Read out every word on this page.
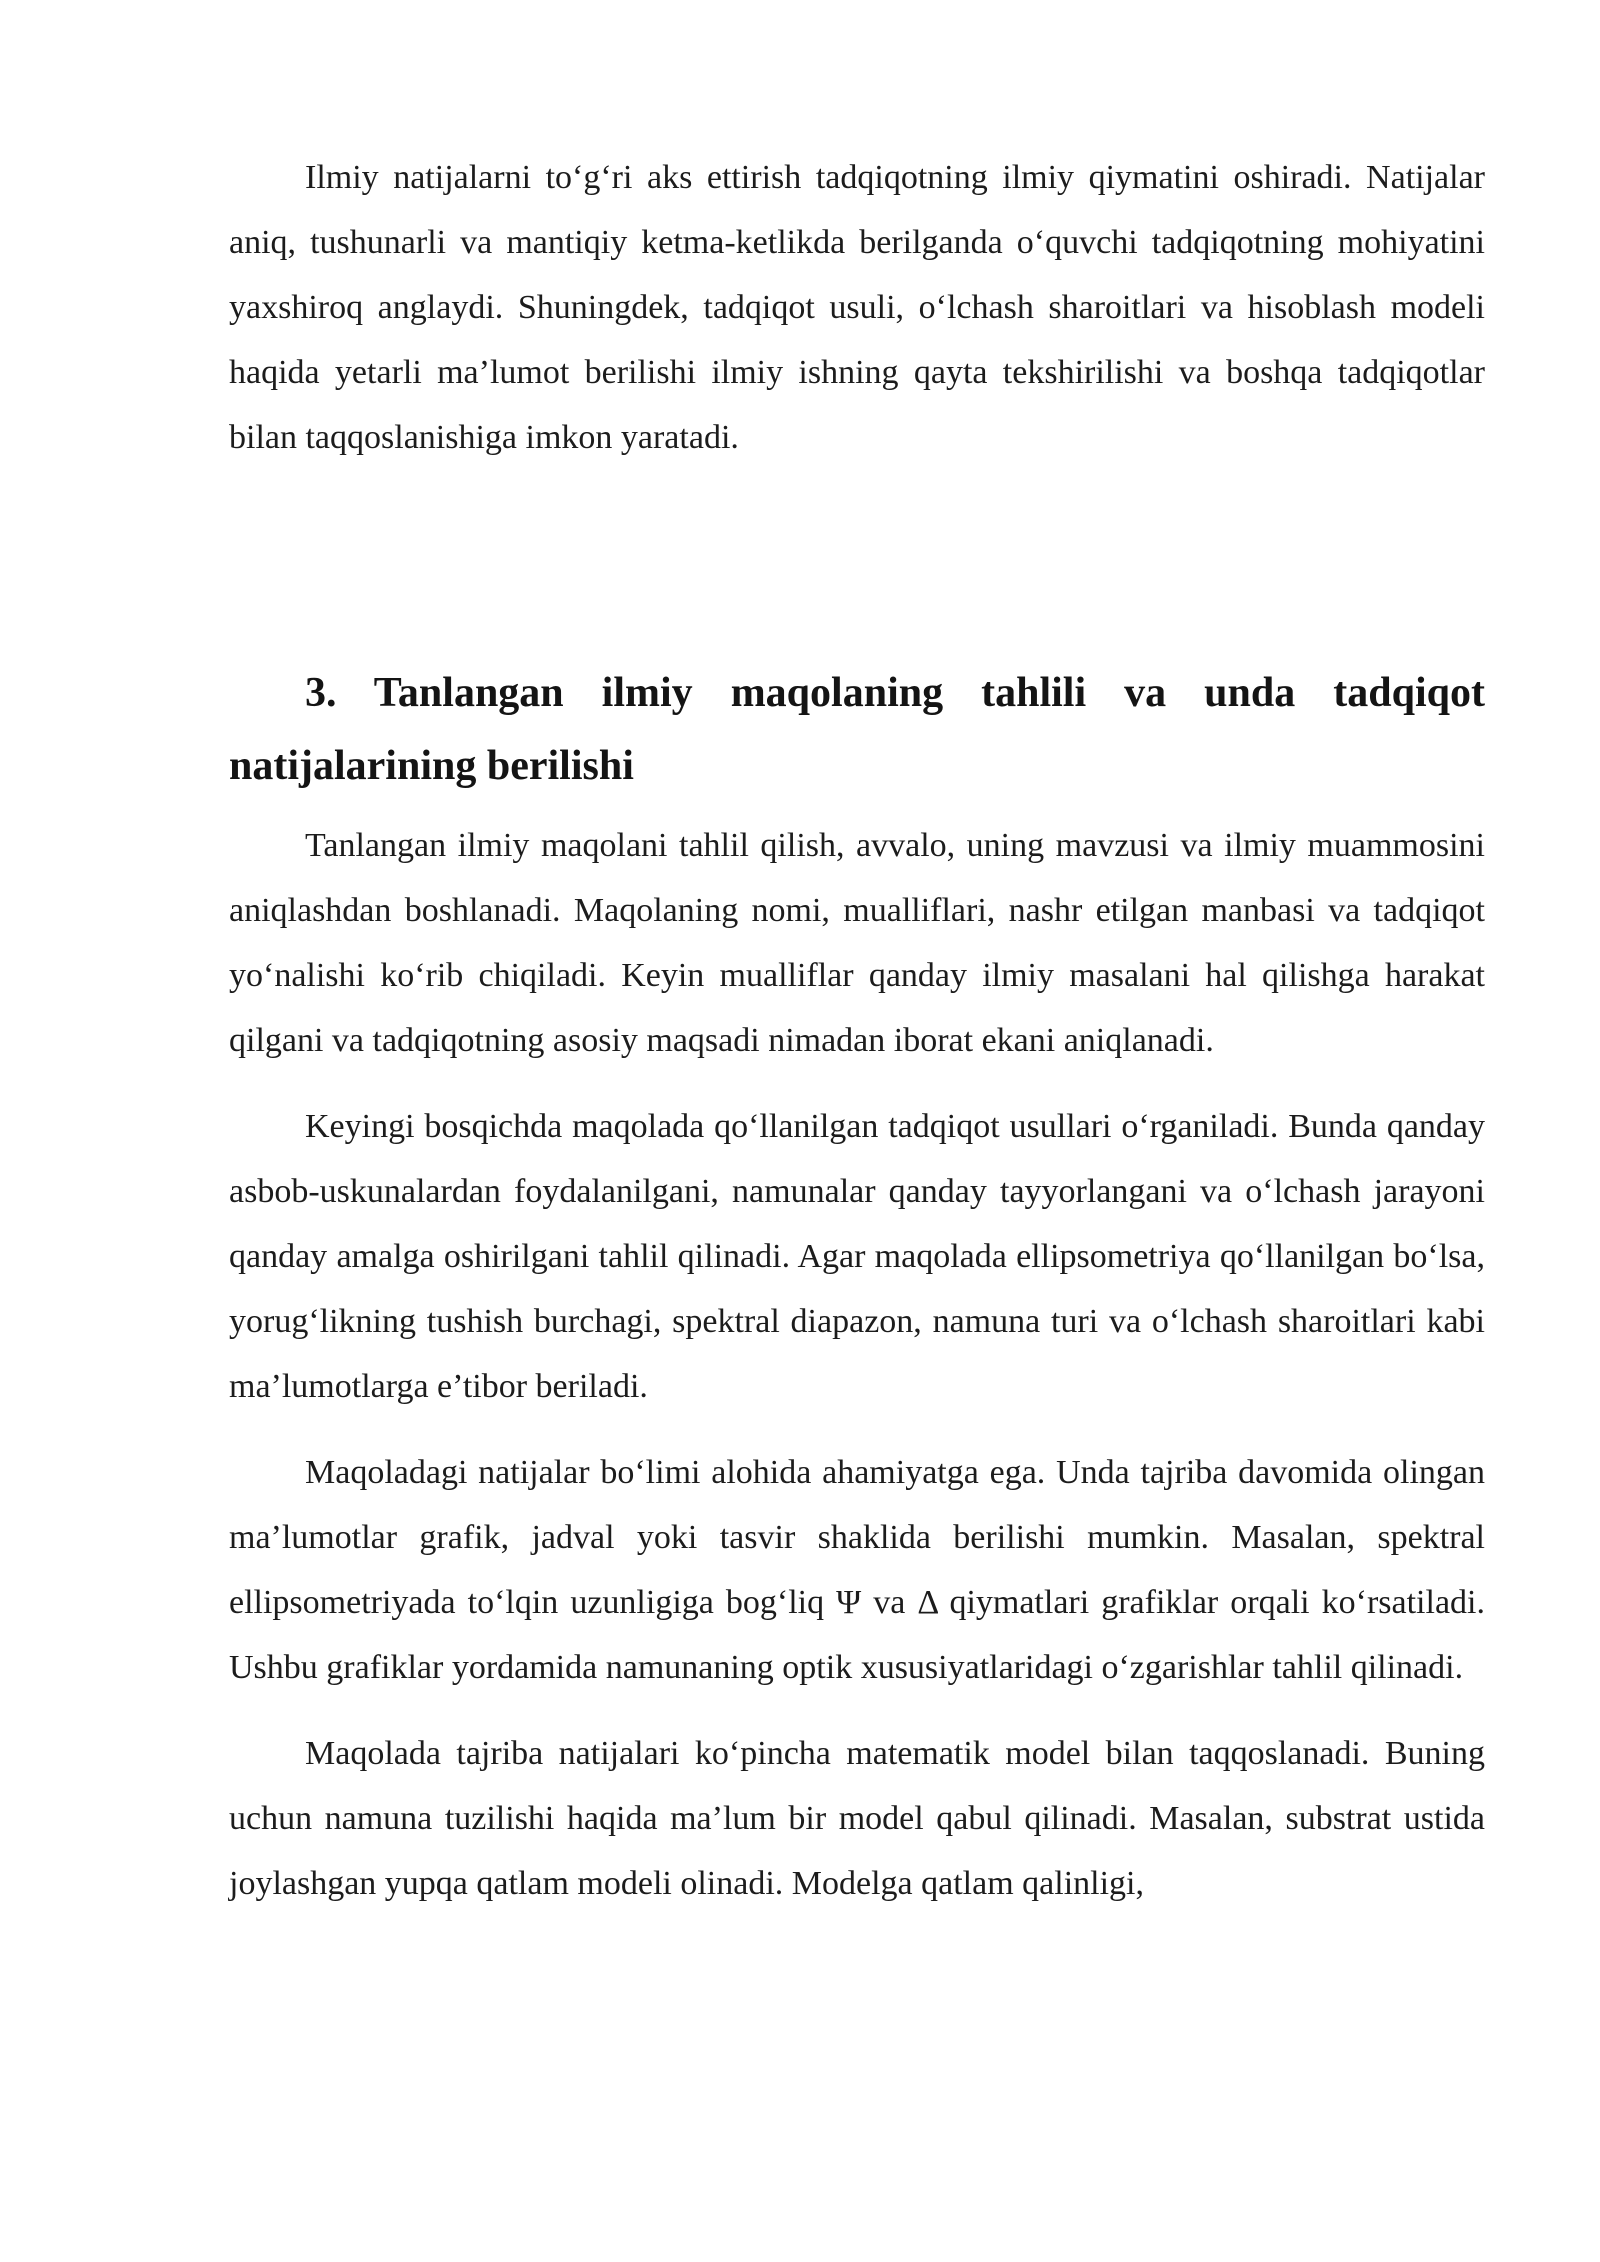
Ilmiy natijalarni to‘g‘ri aks ettirish tadqiqotning ilmiy qiymatini oshiradi. Natijalar aniq, tushunarli va mantiqiy ketma-ketlikda berilganda o‘quvchi tadqiqotning mohiyatini yaxshiroq anglaydi. Shuningdek, tadqiqot usuli, o‘lchash sharoitlari va hisoblash modeli haqida yetarli ma’lumot berilishi ilmiy ishning qayta tekshirilishi va boshqa tadqiqotlar bilan taqqoslanishiga imkon yaratadi.

3. Tanlangan ilmiy maqolaning tahlili va unda tadqiqot natijalarining berilishi

Tanlangan ilmiy maqolani tahlil qilish, avvalo, uning mavzusi va ilmiy muammosini aniqlashdan boshlanadi. Maqolaning nomi, mualliflari, nashr etilgan manbasi va tadqiqot yo‘nalishi ko‘rib chiqiladi. Keyin mualliflar qanday ilmiy masalani hal qilishga harakat qilgani va tadqiqotning asosiy maqsadi nimadan iborat ekani aniqlanadi.

Keyingi bosqichda maqolada qo‘llanilgan tadqiqot usullari o‘rganiladi. Bunda qanday asbob-uskunalardan foydalanilgani, namunalar qanday tayyorlangani va o‘lchash jarayoni qanday amalga oshirilgani tahlil qilinadi. Agar maqolada ellipsometriya qo‘llanilgan bo‘lsa, yorug‘likning tushish burchagi, spektral diapazon, namuna turi va o‘lchash sharoitlari kabi ma’lumotlarga e’tibor beriladi.

Maqoladagi natijalar bo‘limi alohida ahamiyatga ega. Unda tajriba davomida olingan ma’lumotlar grafik, jadval yoki tasvir shaklida berilishi mumkin. Masalan, spektral ellipsometriyada to‘lqin uzunligiga bog‘liq Ψ va Δ qiymatlari grafiklar orqali ko‘rsatiladi. Ushbu grafiklar yordamida namunaning optik xususiyatlaridagi o‘zgarishlar tahlil qilinadi.

Maqolada tajriba natijalari ko‘pincha matematik model bilan taqqoslanadi. Buning uchun namuna tuzilishi haqida ma’lum bir model qabul qilinadi. Masalan, substrat ustida joylashgan yupqa qatlam modeli olinadi. Modelga qatlam qalinligi,
